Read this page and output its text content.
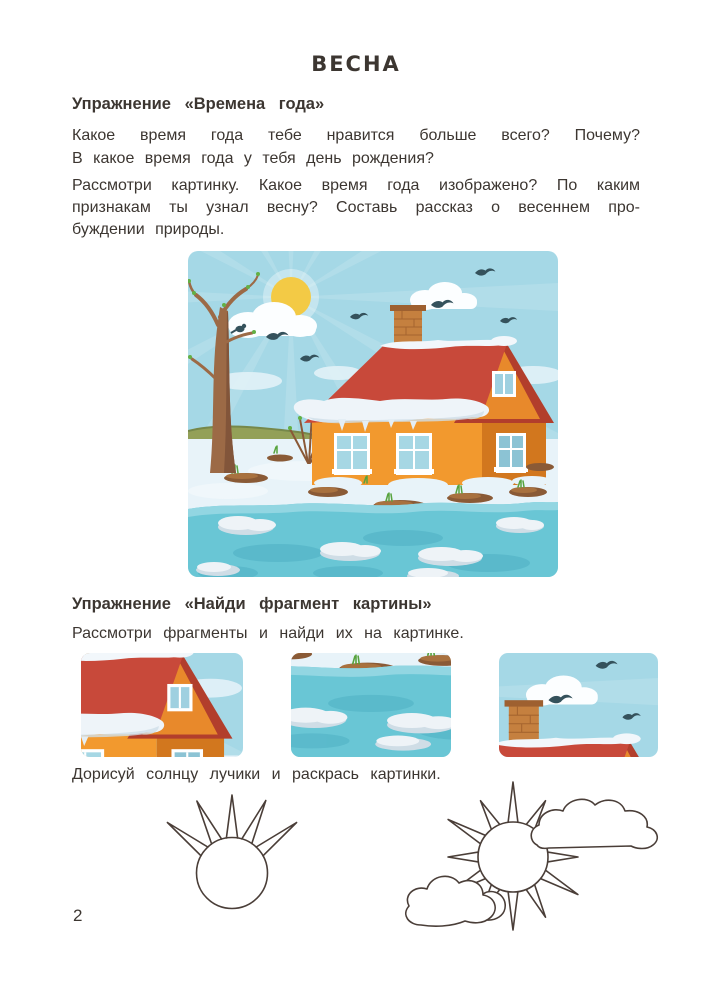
ВЕСНА
Упражнение «Времена года»
Какое время года тебе нравится больше всего? Почему?
В какое время года у тебя день рождения?
Рассмотри картинку. Какое время года изображено? По каким
признакам ты узнал весну? Составь рассказ о весеннем про-
буждении природы.
Упражнение «Найди фрагмент картины»
Рассмотри фрагменты и найди их на картинке.
Дорисуй солнцу лучики и раскрась картинки.
2
